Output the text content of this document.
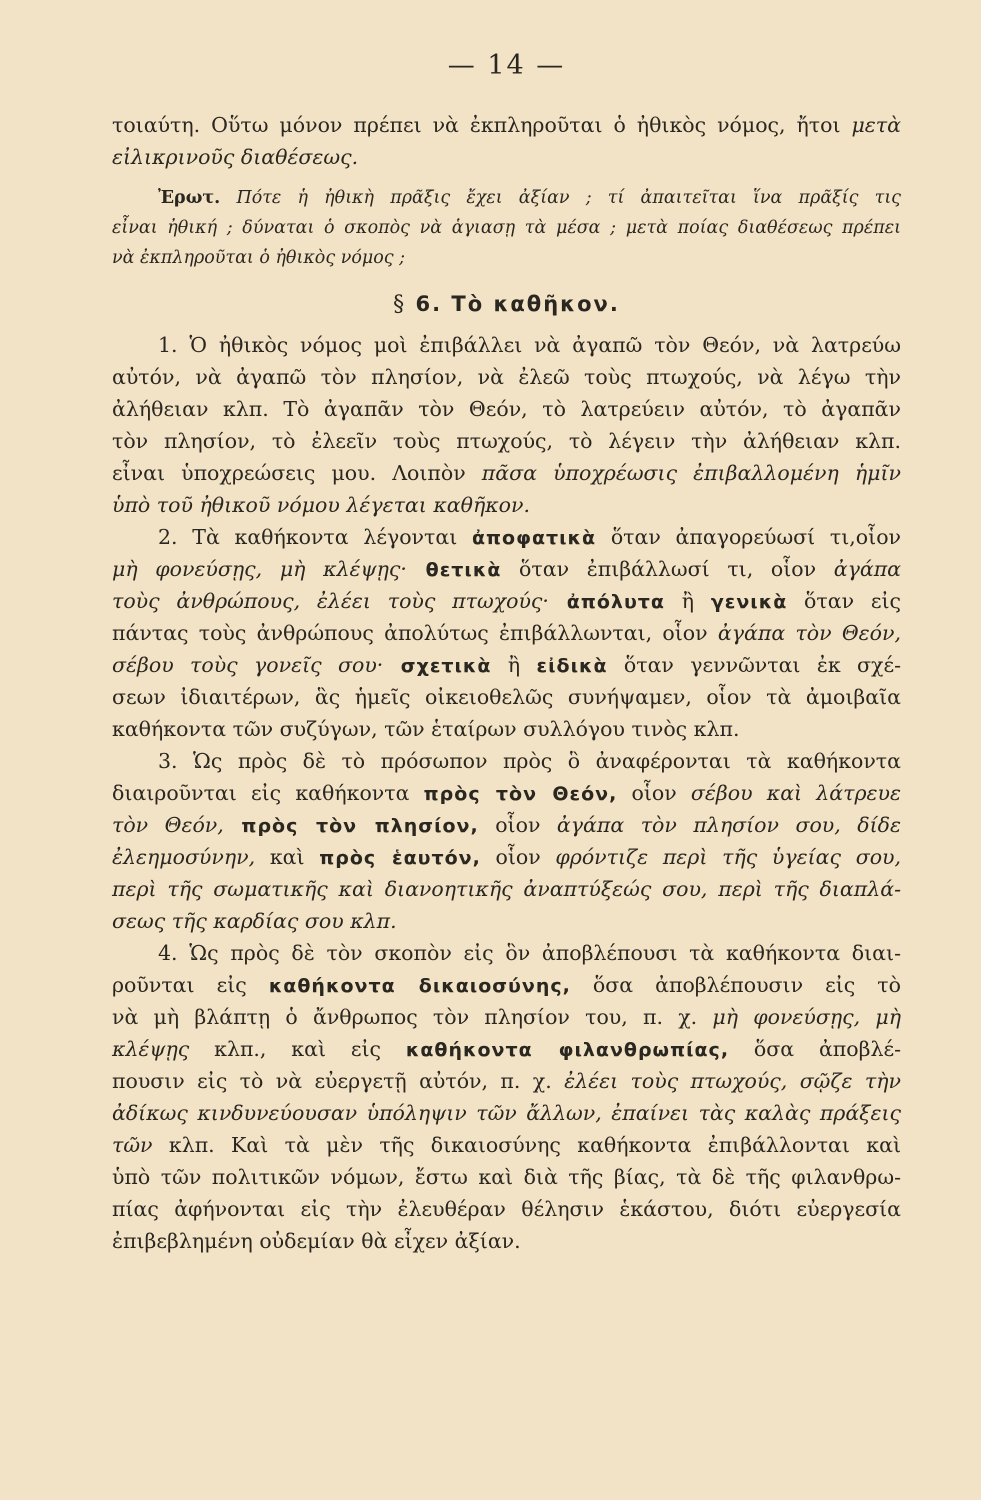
— 14 —
τοιαύτη. Οὕτω μόνον πρέπει νὰ ἐκπληροῦται ὁ ἠθικὸς νόμος, ἤτοι μετὰ
εἰλικρινοῦς διαθέσεως.
Ἐρωτ. Πότε ἡ ἠθικὴ πρᾶξις ἔχει ἀξίαν ; τί ἀπαιτεῖται ἵνα πρᾶξίς τις
εἶναι ἠθική ; δύναται ὁ σκοπὸς νὰ ἁγιασῃ τὰ μέσα ; μετὰ ποίας διαθέσεως πρέπει
νὰ ἐκπληροῦται ὁ ἠθικὸς νόμος ;
§ 6. Τὸ καθῆκον.
1. Ὁ ἠθικὸς νόμος μοὶ ἐπιβάλλει νὰ ἀγαπῶ τὸν Θεόν, νὰ λατρεύω
αὐτόν, νὰ ἀγαπῶ τὸν πλησίον, νὰ ἐλεῶ τοὺς πτωχούς, νὰ λέγω τὴν
ἀλήθειαν κλπ. Τὸ ἀγαπᾶν τὸν Θεόν, τὸ λατρεύειν αὐτόν, τὸ ἀγαπᾶν
τὸν πλησίον, τὸ ἐλεεῖν τοὺς πτωχούς, τὸ λέγειν τὴν ἀλήθειαν κλπ.
εἶναι ὑποχρεώσεις μου. Λοιπὸν πᾶσα ὑποχρέωσις ἐπιβαλλομένη ἡμῖν
ὑπὸ τοῦ ἠθικοῦ νόμου λέγεται καθῆκον.
2. Τὰ καθήκοντα λέγονται ἀποφατικὰ ὅταν ἀπαγορεύωσί τι,οἷον
μὴ φονεύσῃς, μὴ κλέψῃς· θετικὰ ὅταν ἐπιβάλλωσί τι, οἷον ἀγάπα
τοὺς ἀνθρώπους, ἐλέει τοὺς πτωχούς· ἀπόλυτα ἢ γενικὰ ὅταν εἰς
πάντας τοὺς ἀνθρώπους ἀπολύτως ἐπιβάλλωνται, οἷον ἀγάπα τὸν Θεόν,
σέβου τοὺς γονεῖς σου· σχετικὰ ἢ εἰδικὰ ὅταν γεννῶνται ἐκ σχέ-
σεων ἰδιαιτέρων, ἃς ἡμεῖς οἰκειοθελῶς συνήψαμεν, οἷον τὰ ἀμοιβαῖα
καθήκοντα τῶν συζύγων, τῶν ἑταίρων συλλόγου τινὸς κλπ.
3. Ὡς πρὸς δὲ τὸ πρόσωπον πρὸς ὃ ἀναφέρονται τὰ καθήκοντα
διαιροῦνται εἰς καθήκοντα πρὸς τὸν Θεόν, οἷον σέβου καὶ λάτρευε
τὸν Θεόν, πρὸς τὸν πλησίον, οἷον ἀγάπα τὸν πλησίον σου, δίδε
ἐλεημοσύνην, καὶ πρὸς ἑαυτόν, οἷον φρόντιζε περὶ τῆς ὑγείας σου,
περὶ τῆς σωματικῆς καὶ διανοητικῆς ἀναπτύξεώς σου, περὶ τῆς διαπλά-
σεως τῆς καρδίας σου κλπ.
4. Ὡς πρὸς δὲ τὸν σκοπὸν εἰς ὃν ἀποβλέπουσι τὰ καθήκοντα διαι-
ροῦνται εἰς καθήκοντα δικαιοσύνης, ὅσα ἀποβλέπουσιν εἰς τὸ
νὰ μὴ βλάπτῃ ὁ ἄνθρωπος τὸν πλησίον του, π. χ. μὴ φονεύσῃς, μὴ
κλέψῃς κλπ., καὶ εἰς καθήκοντα φιλανθρωπίας, ὅσα ἀποβλέ-
πουσιν εἰς τὸ νὰ εὐεργετῇ αὐτόν, π. χ. ἐλέει τοὺς πτωχούς, σῷζε τὴν
ἀδίκως κινδυνεύουσαν ὑπόληψιν τῶν ἄλλων, ἐπαίνει τὰς καλὰς πράξεις
τῶν κλπ. Καὶ τὰ μὲν τῆς δικαιοσύνης καθήκοντα ἐπιβάλλονται καὶ
ὑπὸ τῶν πολιτικῶν νόμων, ἔστω καὶ διὰ τῆς βίας, τὰ δὲ τῆς φιλανθρω-
πίας ἀφήνονται εἰς τὴν ἐλευθέραν θέλησιν ἑκάστου, διότι εὐεργεσία
ἐπιβεβλημένη οὐδεμίαν θὰ εἶχεν ἀξίαν.
